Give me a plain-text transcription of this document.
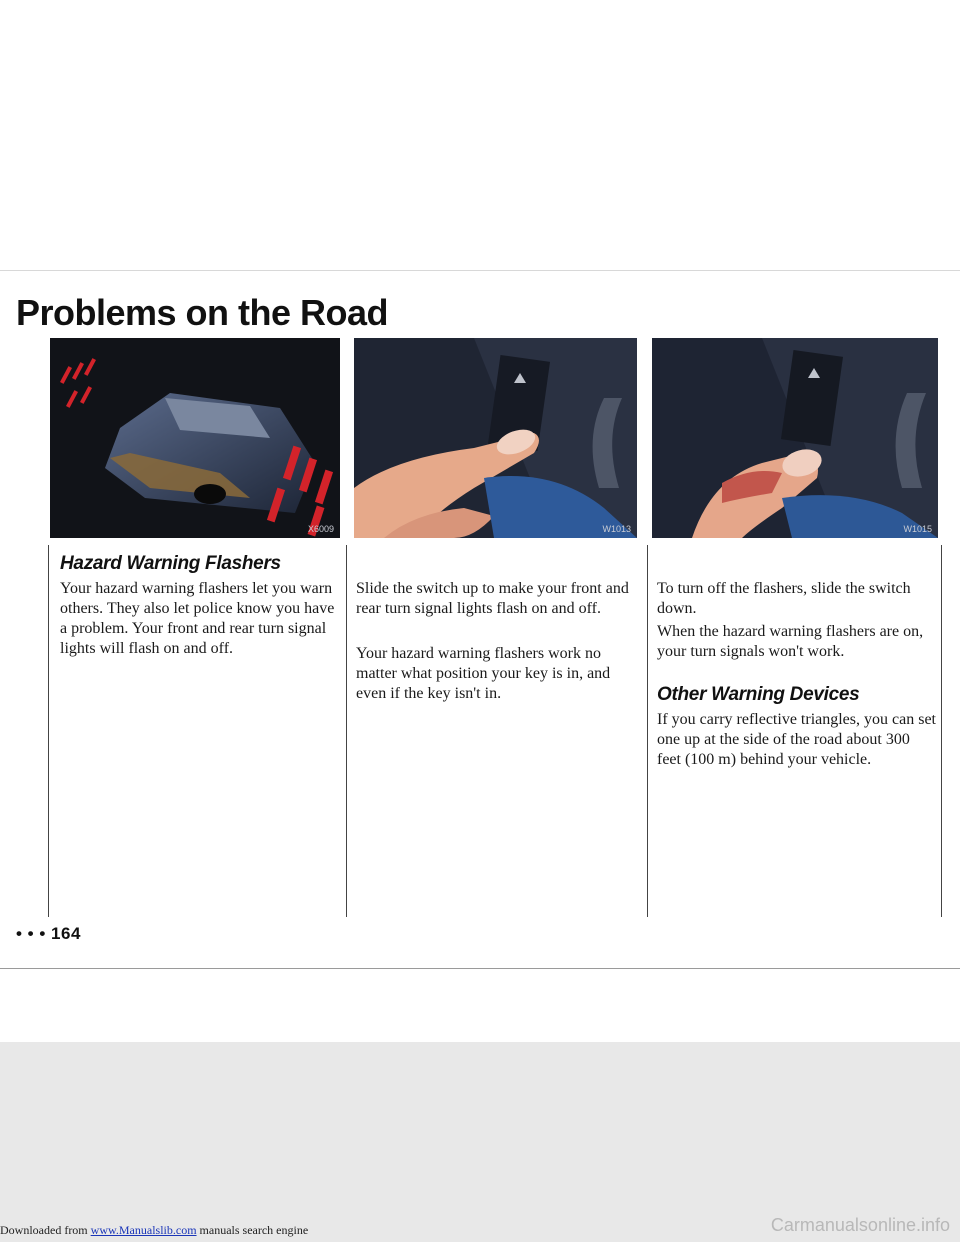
Problems on the Road
X6009	W1013	W1015
Hazard Warning Flashers

Your hazard warning flashers let you warn others. They also let police know you have a problem. Your front and rear turn signal lights will flash on and off.

Slide the switch up to make your front and rear turn signal lights flash on and off.

Your hazard warning flashers work no matter what position your key is in, and even if the key isn't in.

To turn off the flashers, slide the switch down.

When the hazard warning flashers are on, your turn signals won't work.

Other Warning Devices

If you carry reflective triangles, you can set one up at the side of the road about 300 feet (100 m) behind your vehicle.

• • • 164
Downloaded from www.Manualslib.com manuals search engine	Carmanualsonline.info
